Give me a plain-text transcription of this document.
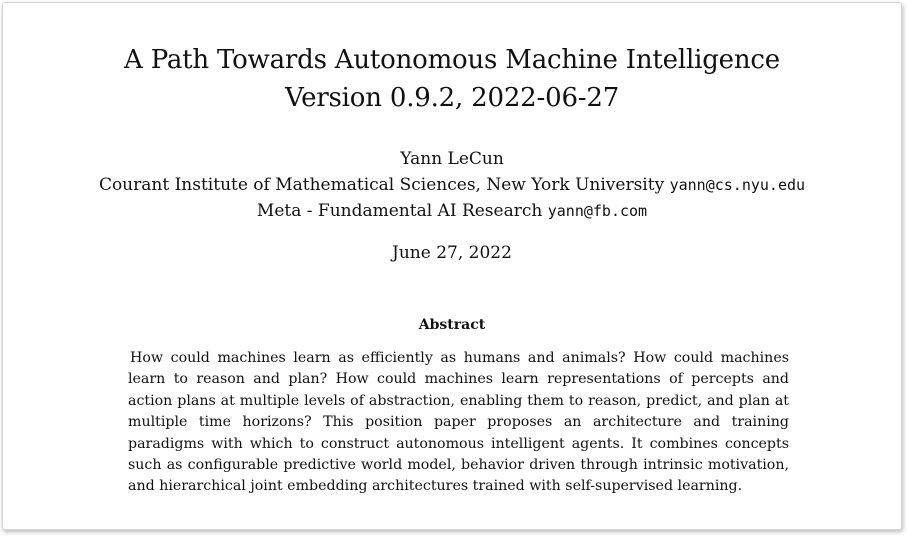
A Path Towards Autonomous Machine Intelligence
Version 0.9.2, 2022-06-27
Yann LeCun
Courant Institute of Mathematical Sciences, New York University yann@cs.nyu.edu
Meta - Fundamental AI Research yann@fb.com
June 27, 2022
Abstract

How could machines learn as efficiently as humans and animals? How could machines learn to reason and plan? How could machines learn representations of percepts and action plans at multiple levels of abstraction, enabling them to reason, predict, and plan at multiple time horizons? This position paper proposes an architecture and training paradigms with which to construct autonomous intelligent agents. It combines concepts such as configurable predictive world model, behavior driven through intrinsic motivation, and hierarchical joint embedding architectures trained with self-supervised learning.
